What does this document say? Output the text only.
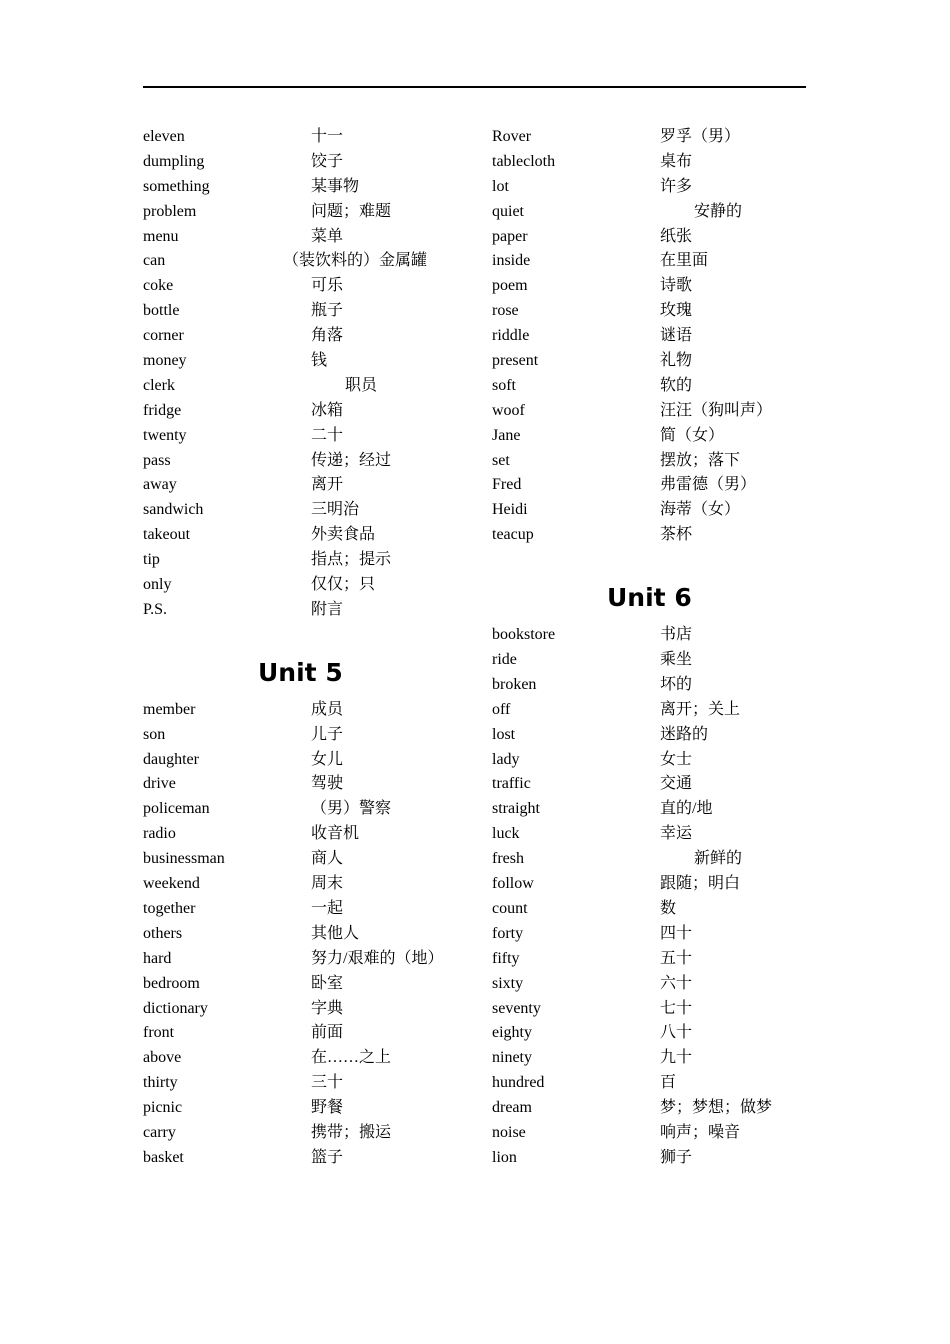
eleven	十一
dumpling	饺子
something	某事物
problem	问题；难题
menu	菜单
can	（装饮料的）金属罐
coke	可乐
bottle	瓶子
corner	角落
money	钱
clerk	职员
fridge	冰箱
twenty	二十
pass	传递；经过
away	离开
sandwich	三明治
takeout	外卖食品
tip	指点；提示
only	仅仅；只
P.S.	附言
Unit 5
member	成员
son	儿子
daughter	女儿
drive	驾驶
policeman	（男）警察
radio	收音机
businessman	商人
weekend	周末
together	一起
others	其他人
hard	努力/艰难的（地）
bedroom	卧室
dictionary	字典
front	前面
above	在……之上
thirty	三十
picnic	野餐
carry	携带；搬运
basket	篮子
Rover	罗孚（男）
tablecloth	桌布
lot	许多
quiet	安静的
paper	纸张
inside	在里面
poem	诗歌
rose	玫瑰
riddle	谜语
present	礼物
soft	软的
woof	汪汪（狗叫声）
Jane	简（女）
set	摆放；落下
Fred	弗雷德（男）
Heidi	海蒂（女）
teacup	茶杯
Unit 6
bookstore	书店
ride	乘坐
broken	坏的
off	离开；关上
lost	迷路的
lady	女士
traffic	交通
straight	直的/地
luck	幸运
fresh	新鲜的
follow	跟随；明白
count	数
forty	四十
fifty	五十
sixty	六十
seventy	七十
eighty	八十
ninety	九十
hundred	百
dream	梦；梦想；做梦
noise	响声；噪音
lion	狮子
